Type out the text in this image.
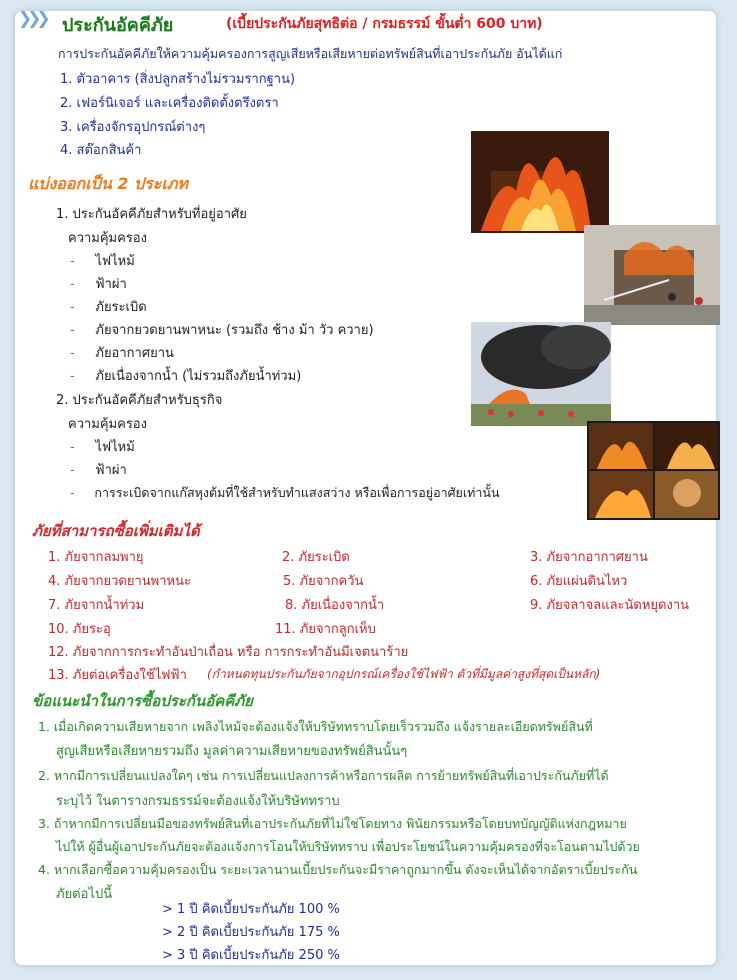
❯❯❯ ประกันอัคคีภัย	(เบี้ยประกันภัยสุทธิต่อ / กรมธรรม์ ขั้นต่ำ 600 บาท)
การประกันอัคคีภัยให้ความคุ้มครองการสูญเสียหรือเสียหายต่อทรัพย์สินที่เอาประกันภัย อันได้แก่
1. ตัวอาคาร (สิ่งปลูกสร้างไม่รวมรากฐาน)
2. เฟอร์นิเจอร์ และเครื่องติดตั้งตรึงตรา
3. เครื่องจักรอุปกรณ์ต่างๆ
4. สต๊อกสินค้า
แบ่งออกเป็น 2 ประเภท
1. ประกันอัคคีภัยสำหรับที่อยู่อาศัย
ความคุ้มครอง
- ไฟไหม้
- ฟ้าผ่า
- ภัยระเบิด
- ภัยจากยวดยานพาหนะ (รวมถึง ช้าง ม้า วัว ควาย)
- ภัยอากาศยาน
- ภัยเนื่องจากน้ำ (ไม่รวมถึงภัยน้ำท่วม)
2. ประกันอัคคีภัยสำหรับธุรกิจ
ความคุ้มครอง
- ไฟไหม้
- ฟ้าผ่า
- การระเบิดจากแก๊สหุงต้มที่ใช้สำหรับทำแสงสว่าง หรือเพื่อการอยู่อาศัยเท่านั้น
ภัยที่สามารถซื้อเพิ่มเติมได้
1. ภัยจากลมพายุ	2. ภัยระเบิด	3. ภัยจากอากาศยาน
4. ภัยจากยวดยานพาหนะ	5. ภัยจากควัน	6. ภัยแผ่นดินไหว
7. ภัยจากน้ำท่วม	8. ภัยเนื่องจากน้ำ	9. ภัยจลาจลและนัดหยุดงาน
10. ภัยระอุ	11. ภัยจากลูกเห็บ
12. ภัยจากการกระทำอันป่าเถื่อน หรือ การกระทำอันมีเจตนาร้าย
13. ภัยต่อเครื่องใช้ไฟฟ้า (กำหนดทุนประกันภัยจากอุปกรณ์เครื่องใช้ไฟฟ้า ตัวที่มีมูลค่าสูงที่สุดเป็นหลัก)
ข้อแนะนำในการซื้อประกันอัคคีภัย
1. เมื่อเกิดความเสียหายจาก เพลิงไหม้จะต้องแจ้งให้บริษัททราบโดยเร็วรวมถึง แจ้งรายละเอียดทรัพย์สินที่
สูญเสียหรือเสียหายรวมถึง มูลค่าความเสียหายของทรัพย์สินนั้นๆ
2. หากมีการเปลี่ยนแปลงใดๆ เช่น การเปลี่ยนแปลงการค้าหรือการผลิต การย้ายทรัพย์สินที่เอาประกันภัยที่ได้
ระบุไว้ ในตารางกรมธรรม์จะต้องแจ้งให้บริษัททราบ
3. ถ้าหากมีการเปลี่ยนมือของทรัพย์สินที่เอาประกันภัยที่ไม่ใช่โดยทาง พินัยกรรมหรือโดยบทบัญญัติแห่งกฎหมาย
ไปให้ ผู้อื่นผู้เอาประกันภัยจะต้องแจ้งการโอนให้บริษัททราบ เพื่อประโยชน์ในความคุ้มครองที่จะโอนตามไปด้วย
4. หากเลือกซื้อความคุ้มครองเป็น ระยะเวลานานเบี้ยประกันจะมีราคาถูกมากขึ้น ดังจะเห็นได้จากอัตราเบี้ยประกัน
ภัยต่อไปนี้
> 1 ปี คิดเบี้ยประกันภัย 100 %
> 2 ปี คิดเบี้ยประกันภัย 175 %
> 3 ปี คิดเบี้ยประกันภัย 250 %
